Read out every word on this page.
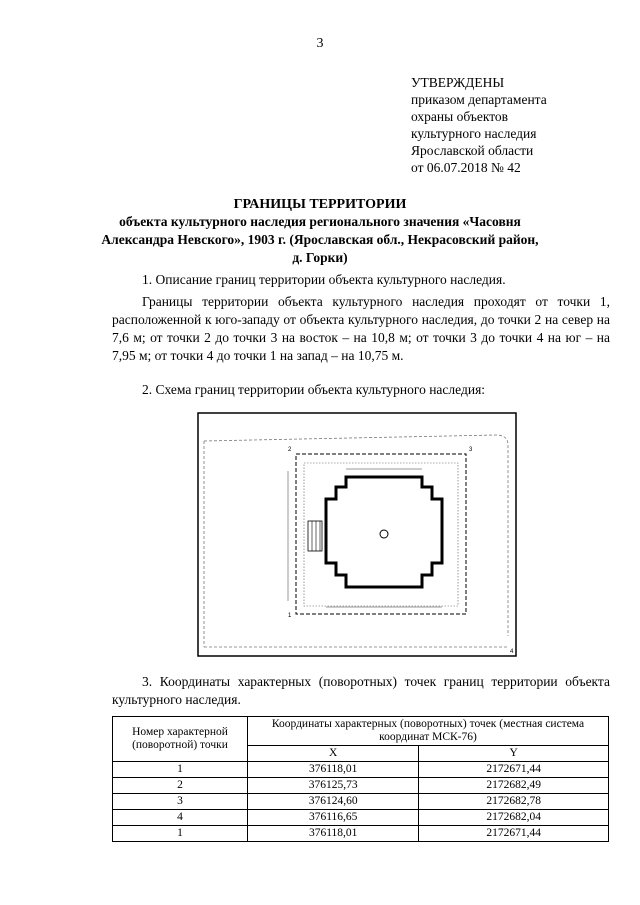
3
УТВЕРЖДЕНЫ
приказом департамента
охраны объектов
культурного наследия
Ярославской области
от 06.07.2018 № 42
ГРАНИЦЫ ТЕРРИТОРИИ
объекта культурного наследия регионального значения «Часовня Александра Невского», 1903 г. (Ярославская обл., Некрасовский район, д. Горки)
1. Описание границ территории объекта культурного наследия.
Границы территории объекта культурного наследия проходят от точки 1, расположенной к юго-западу от объекта культурного наследия, до точки 2 на север на 7,6 м; от точки 2 до точки 3 на восток – на 10,8 м; от точки 3 до точки 4 на юг – на 7,95 м; от точки 4 до точки 1 на запад – на 10,75 м.
2. Схема границ территории объекта культурного наследия:
1
2	3
4
3. Координаты характерных (поворотных) точек границ территории объекта культурного наследия.
Номер характерной (поворотной) точки	Координаты характерных (поворотных) точек (местная система координат МСК-76)	
	X	Y
1	376118,01	2172671,44
2	376125,73	2172682,49
3	376124,60	2172682,78
4	376116,65	2172682,04
1	376118,01	2172671,44
